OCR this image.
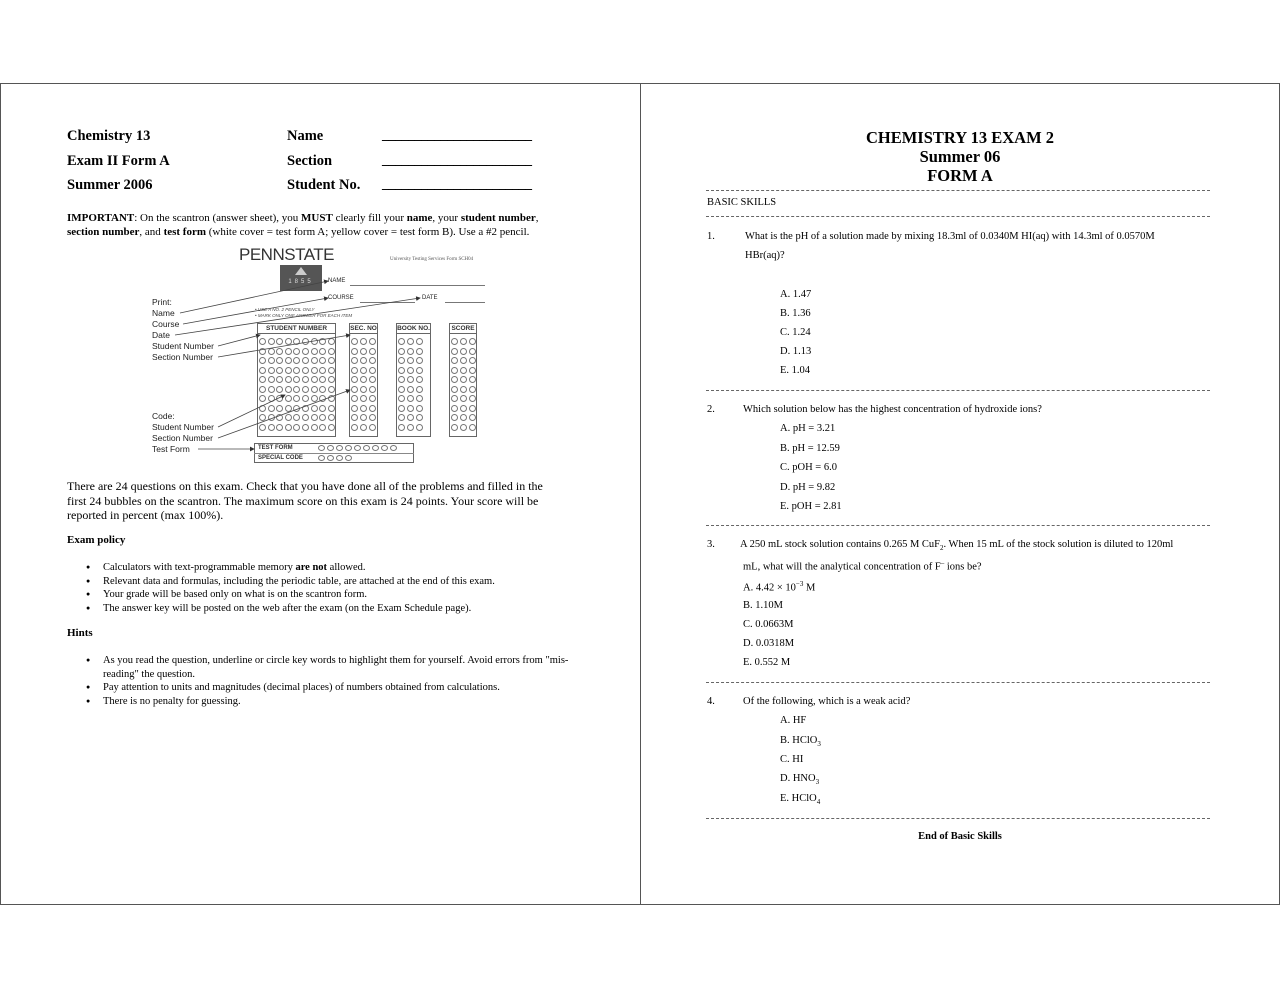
Chemistry 13
Exam II Form A
Summer 2006
Name
Section
Student No.
_______________________
_______________________
_______________________
IMPORTANT: On the scantron (answer sheet), you MUST clearly fill your name, your student number,
section number, and test form (white cover = test form A; yellow cover = test form B). Use a #2 pencil.
PENNSTATE	University Testing Services Form SCH04
1855	NAME
COURSE	DATE
• USE A NO. 2 PENCIL ONLY
• MARK ONLY ONE ANSWER FOR EACH ITEM
STUDENT NUMBER	SEC. NO	BOOK NO.	SCORE
TEST FORM
SPECIAL CODE
Print:
Name
Course
Date
Student Number
Section Number
Code:
Student Number
Section Number
Test Form
There are 24 questions on this exam. Check that you have done all of the problems and filled in the first 24 bubbles on the scantron. The maximum score on this exam is 24 points. Your score will be reported in percent (max 100%).
Exam policy
● Calculators with text-programmable memory are not allowed.
● Relevant data and formulas, including the periodic table, are attached at the end of this exam.
● Your grade will be based only on what is on the scantron form.
● The answer key will be posted on the web after the exam (on the Exam Schedule page).
Hints
● As you read the question, underline or circle key words to highlight them for yourself. Avoid errors from "mis-reading" the question.
● Pay attention to units and magnitudes (decimal places) of numbers obtained from calculations.
● There is no penalty for guessing.
CHEMISTRY 13 EXAM 2
Summer 06
FORM A
BASIC SKILLS
1.	What is the pH of a solution made by mixing 18.3ml of 0.0340M HI(aq) with 14.3ml of 0.0570M
HBr(aq)?
A. 1.47
B. 1.36
C. 1.24
D. 1.13
E. 1.04
2.	Which solution below has the highest concentration of hydroxide ions?
A. pH = 3.21
B. pH = 12.59
C. pOH = 6.0
D. pH = 9.82
E. pOH = 2.81
3. A 250 mL stock solution contains 0.265 M CuF$_2$. When 15 mL of the stock solution is diluted to 120ml
mL, what will the analytical concentration of F– ions be?
A. $4.42 \times 10^{-3}$ M
B. 1.10M
C. 0.0663M
D. 0.0318M
E. 0.552 M
4.	Of the following, which is a weak acid?
A. HF
B. HClO$_3$
C. HI
D. $HNO_3$
E. HClO$_4$
End of Basic Skills
